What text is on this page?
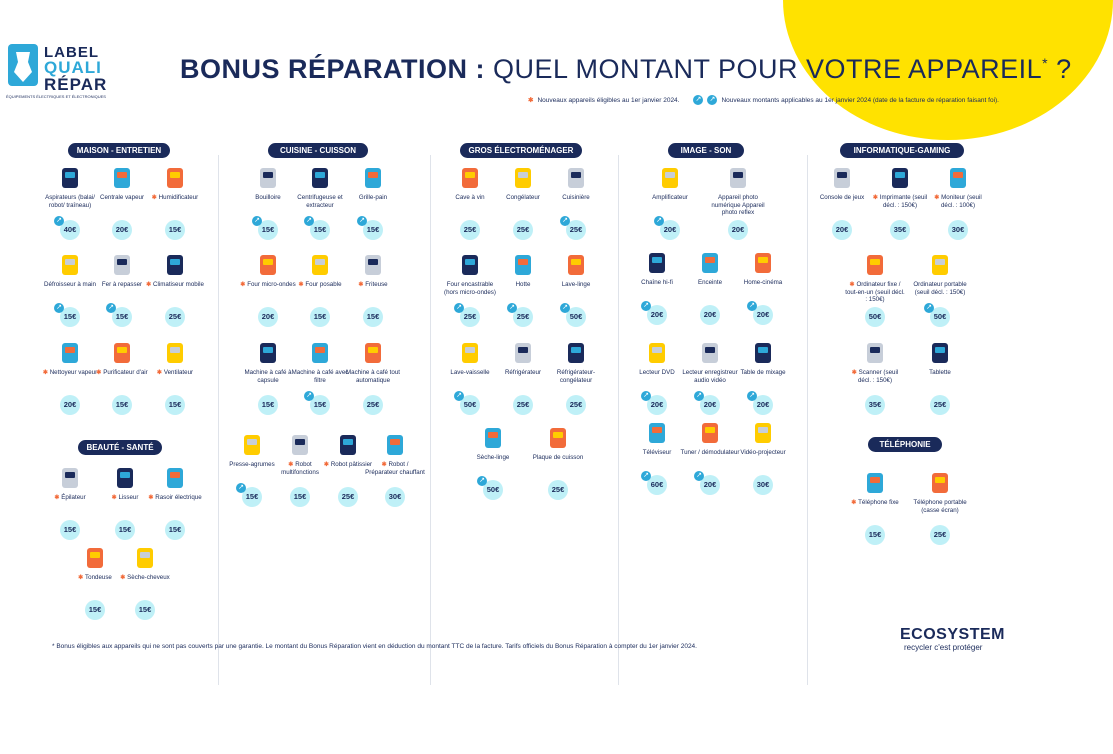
LABEL
QUALI
RÉPAR
ÉQUIPEMENTS ÉLECTRIQUES ET ÉLECTRONIQUES
BONUS RÉPARATION : QUEL MONTANT POUR VOTRE APPAREIL* ?
✱ Nouveaux appareils éligibles au 1er janvier 2024. ↗ ↗ Nouveaux montants applicables au 1er janvier 2024 (date de la facture de réparation faisant foi).
MAISON - ENTRETIEN
BEAUTÉ - SANTÉ
CUISINE - CUISSON	GROS ÉLECTROMÉNAGER	IMAGE - SON	INFORMATIQUE-GAMING
TÉLÉPHONIE
Aspirateurs (balai/ robot/ traîneau)
40€
↗
Centrale vapeur
20€
✱ Humidificateur
15€
Défroisseur à main
15€
↗
Fer à repasser
15€
↗
✱ Climatiseur mobile
25€
✱ Nettoyeur vapeur
20€
✱ Purificateur d'air
15€
✱ Ventilateur
15€
✱ Épilateur
15€
✱ Lisseur
15€
✱ Rasoir électrique
15€
✱ Tondeuse
15€
✱ Sèche-cheveux
15€
Bouilloire
15€
↗
Centrifugeuse et extracteur
15€
↗
Grille-pain
15€
↗
✱ Four micro-ondes
20€
✱ Four posable
15€
✱ Friteuse
15€
Machine à café à capsule
15€
Machine à café avec filtre
15€
↗
Machine à café tout automatique
25€
Presse-agrumes
15€
↗
✱ Robot multifonctions
15€
✱ Robot pâtissier
25€
✱ Robot / Préparateur chauffant
30€
Cave à vin
25€
Congélateur
25€
Cuisinière
25€
↗
Four encastrable (hors micro-ondes)
25€
↗
Hotte
25€
↗
Lave-linge
50€
↗
Lave-vaisselle
50€
↗
Réfrigérateur
25€
Réfrigérateur-congélateur
25€
Sèche-linge
50€
↗
Plaque de cuisson
25€
Amplificateur
20€
↗
Appareil photo numérique Appareil photo reflex
20€
Chaîne hi-fi
20€
↗
Enceinte
20€
Home-cinéma
20€
↗
Lecteur DVD
20€
↗
Lecteur enregistreur audio vidéo
20€
↗
Table de mixage
20€
↗
Téléviseur
60€
↗
Tuner / démodulateur
20€
↗
Vidéo-projecteur
30€
Console de jeux
20€
✱ Imprimante (seuil décl. : 150€)
35€
✱ Moniteur (seuil décl. : 100€)
30€
✱ Ordinateur fixe / tout-en-un (seuil décl. : 150€)
50€
Ordinateur portable (seuil décl. : 150€)
50€
↗
✱ Scanner (seuil décl. : 150€)
35€
Tablette
25€
✱ Téléphone fixe
15€
Téléphone portable (casse écran)
25€
* Bonus éligibles aux appareils qui ne sont pas couverts par une garantie. Le montant du Bonus Réparation vient en déduction du montant TTC de la facture. Tarifs officiels du Bonus Réparation à compter du 1er janvier 2024.
ECOSYSTEM
recycler c'est protéger
